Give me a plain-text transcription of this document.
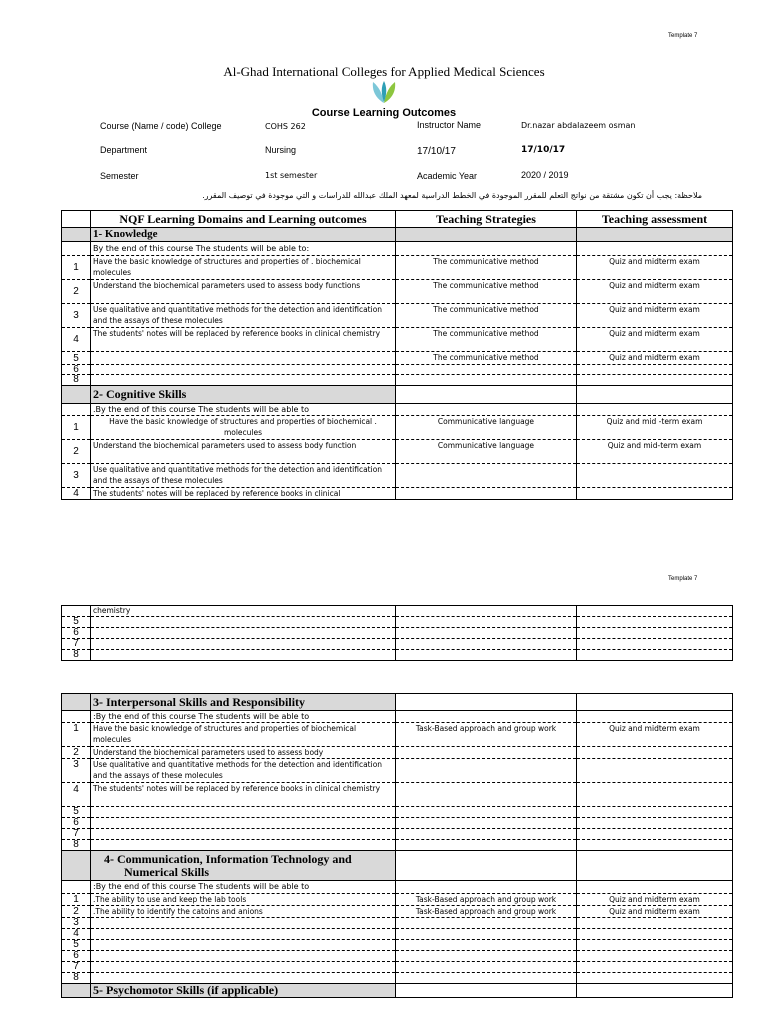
Template 7
Al-Ghad International Colleges for Applied Medical Sciences
Course Learning Outcomes
Course (Name / code) College	COHS 262	Instructor Name	Dr.nazar abdalazeem osman
Department	Nursing	17/10/17	17/10/17
Semester	1st semester	Academic Year	2020 / 2019
ملاحظة: يجب أن تكون مشتقة من نواتج التعلم للمقرر الموجودة في الخطط الدراسية لمعهد الملك عبدالله للدراسات و التي موجودة في توصيف المقرر.
	NQF Learning Domains and Learning outcomes	Teaching Strategies	Teaching assessment
	1- Knowledge		
	By the end of this course The students will be able to:		
1	Have the basic knowledge of structures and properties of . biochemical molecules	The communicative method	Quiz and midterm exam
2	Understand the biochemical parameters used to assess body functions	The communicative method	Quiz and midterm exam
3	Use qualitative and quantitative methods for the detection and identification and the assays of these molecules	The communicative method	Quiz and midterm exam
4	The students' notes will be replaced by reference books in clinical chemistry	The communicative method	Quiz and midterm exam
5		The communicative method	Quiz and midterm exam
6			
8			
	2- Cognitive Skills		
	.By the end of this course The students will be able to		
1	Have the basic knowledge of structures and properties of biochemical . molecules	Communicative language	Quiz and mid -term exam
2	Understand the biochemical parameters used to assess body function	Communicative language	Quiz and mid-term exam
3	Use qualitative and quantitative methods for the detection and identification and the assays of these molecules		
4	The students' notes will be replaced by reference books in clinical		
Template 7
	chemistry		
5			
6			
7			
8			
	3- Interpersonal Skills and Responsibility		
	:By the end of this course The students will be able to		
1	Have the basic knowledge of structures and properties of biochemical molecules	Task-Based approach and group work	Quiz and midterm exam
2	Understand the biochemical parameters used to assess body		
3	Use qualitative and quantitative methods for the detection and identification and the assays of these molecules		
4	The students' notes will be replaced by reference books in clinical chemistry		
5			
6			
7			
8			
	4- Communication, Information Technology and Numerical Skills		
	:By the end of this course The students will be able to		
1	.The ability to use and keep the lab tools	Task-Based approach and group work	Quiz and midterm exam
2	.The ability to identify the catoins and anions	Task-Based approach and group work	Quiz and midterm exam
3			
4			
5			
6			
7			
8			
	5- Psychomotor Skills (if applicable)		
